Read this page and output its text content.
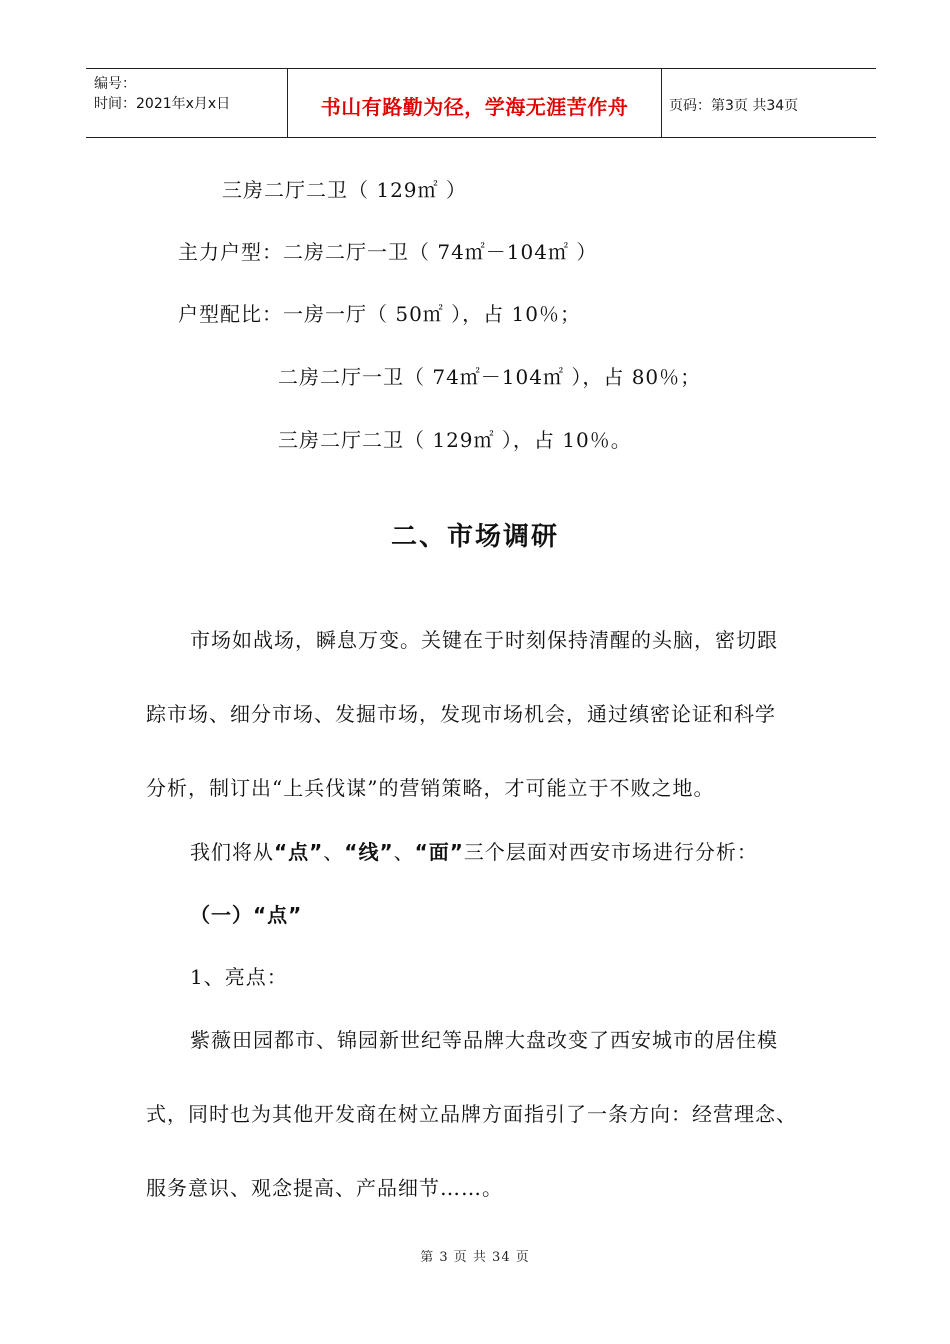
编号：
时间：2021年x月x日	书山有路勤为径，学海无涯苦作舟	页码：第3页 共34页
三房二厅二卫（ 129㎡ ）
主力户型：二房二厅一卫（ 74㎡－104㎡ ）
户型配比：一房一厅（ 50㎡ ），占 10％；
二房二厅一卫（ 74㎡－104㎡ ），占 80％；
三房二厅二卫（ 129㎡ ），占 10％。
二、市场调研
市场如战场，瞬息万变。关键在于时刻保持清醒的头脑，密切跟
踪市场、细分市场、发掘市场，发现市场机会，通过缜密论证和科学
分析，制订出“上兵伐谋”的营销策略，才可能立于不败之地。
我们将从“点”、“线”、“面”三个层面对西安市场进行分析：
（一）“点”
1、亮点：
紫薇田园都市、锦园新世纪等品牌大盘改变了西安城市的居住模
式，同时也为其他开发商在树立品牌方面指引了一条方向：经营理念、
服务意识、观念提高、产品细节……。
第 3 页 共 34 页
